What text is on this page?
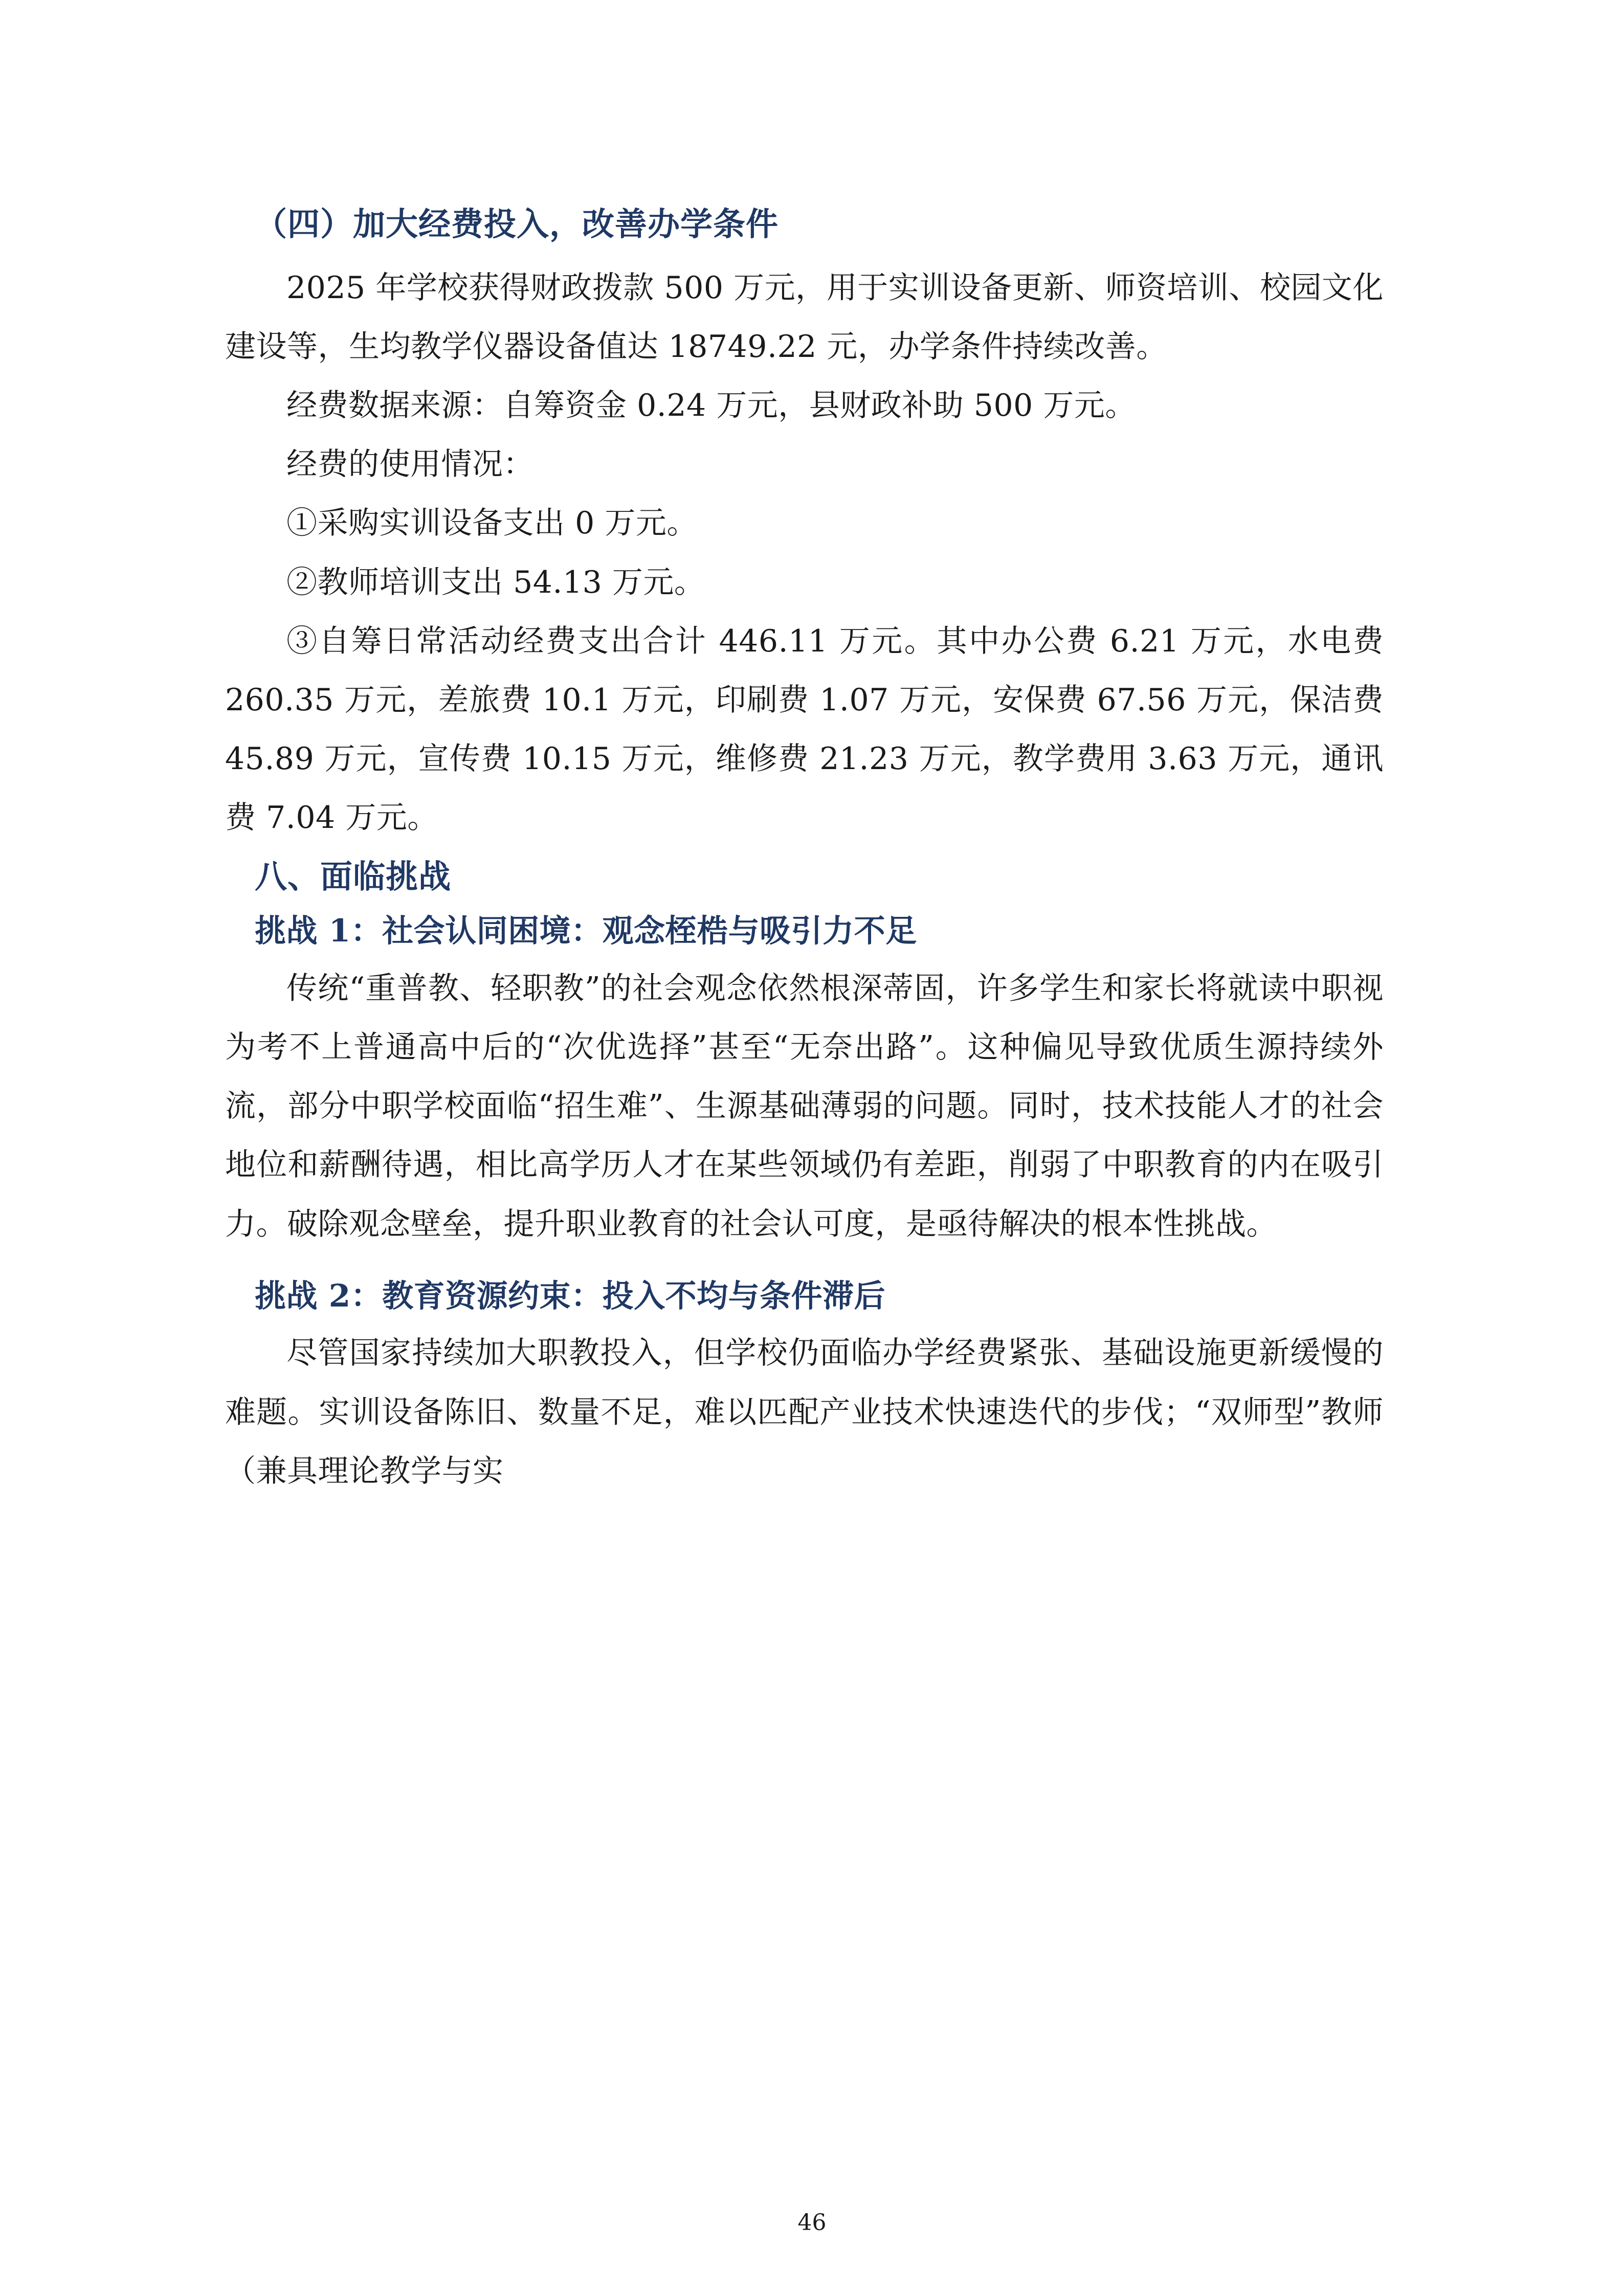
（四）加大经费投入，改善办学条件

2025 年学校获得财政拨款 500 万元，用于实训设备更新、师资培训、校园文化建设等，生均教学仪器设备值达 18749.22 元，办学条件持续改善。

经费数据来源：自筹资金 0.24 万元，县财政补助 500 万元。

经费的使用情况：

①采购实训设备支出 0 万元。

②教师培训支出 54.13 万元。

③自筹日常活动经费支出合计 446.11 万元。其中办公费 6.21 万元，水电费 260.35 万元，差旅费 10.1 万元，印刷费 1.07 万元，安保费 67.56 万元，保洁费 45.89 万元，宣传费 10.15 万元，维修费 21.23 万元，教学费用 3.63 万元，通讯费 7.04 万元。

八、面临挑战
挑战 1：社会认同困境：观念桎梏与吸引力不足

传统“重普教、轻职教”的社会观念依然根深蒂固，许多学生和家长将就读中职视为考不上普通高中后的“次优选择”甚至“无奈出路”。这种偏见导致优质生源持续外流，部分中职学校面临“招生难”、生源基础薄弱的问题。同时，技术技能人才的社会地位和薪酬待遇，相比高学历人才在某些领域仍有差距，削弱了中职教育的内在吸引力。破除观念壁垒，提升职业教育的社会认可度，是亟待解决的根本性挑战。

挑战 2：教育资源约束：投入不均与条件滞后

尽管国家持续加大职教投入，但学校仍面临办学经费紧张、基础设施更新缓慢的难题。实训设备陈旧、数量不足，难以匹配产业技术快速迭代的步伐；“双师型”教师（兼具理论教学与实

46
